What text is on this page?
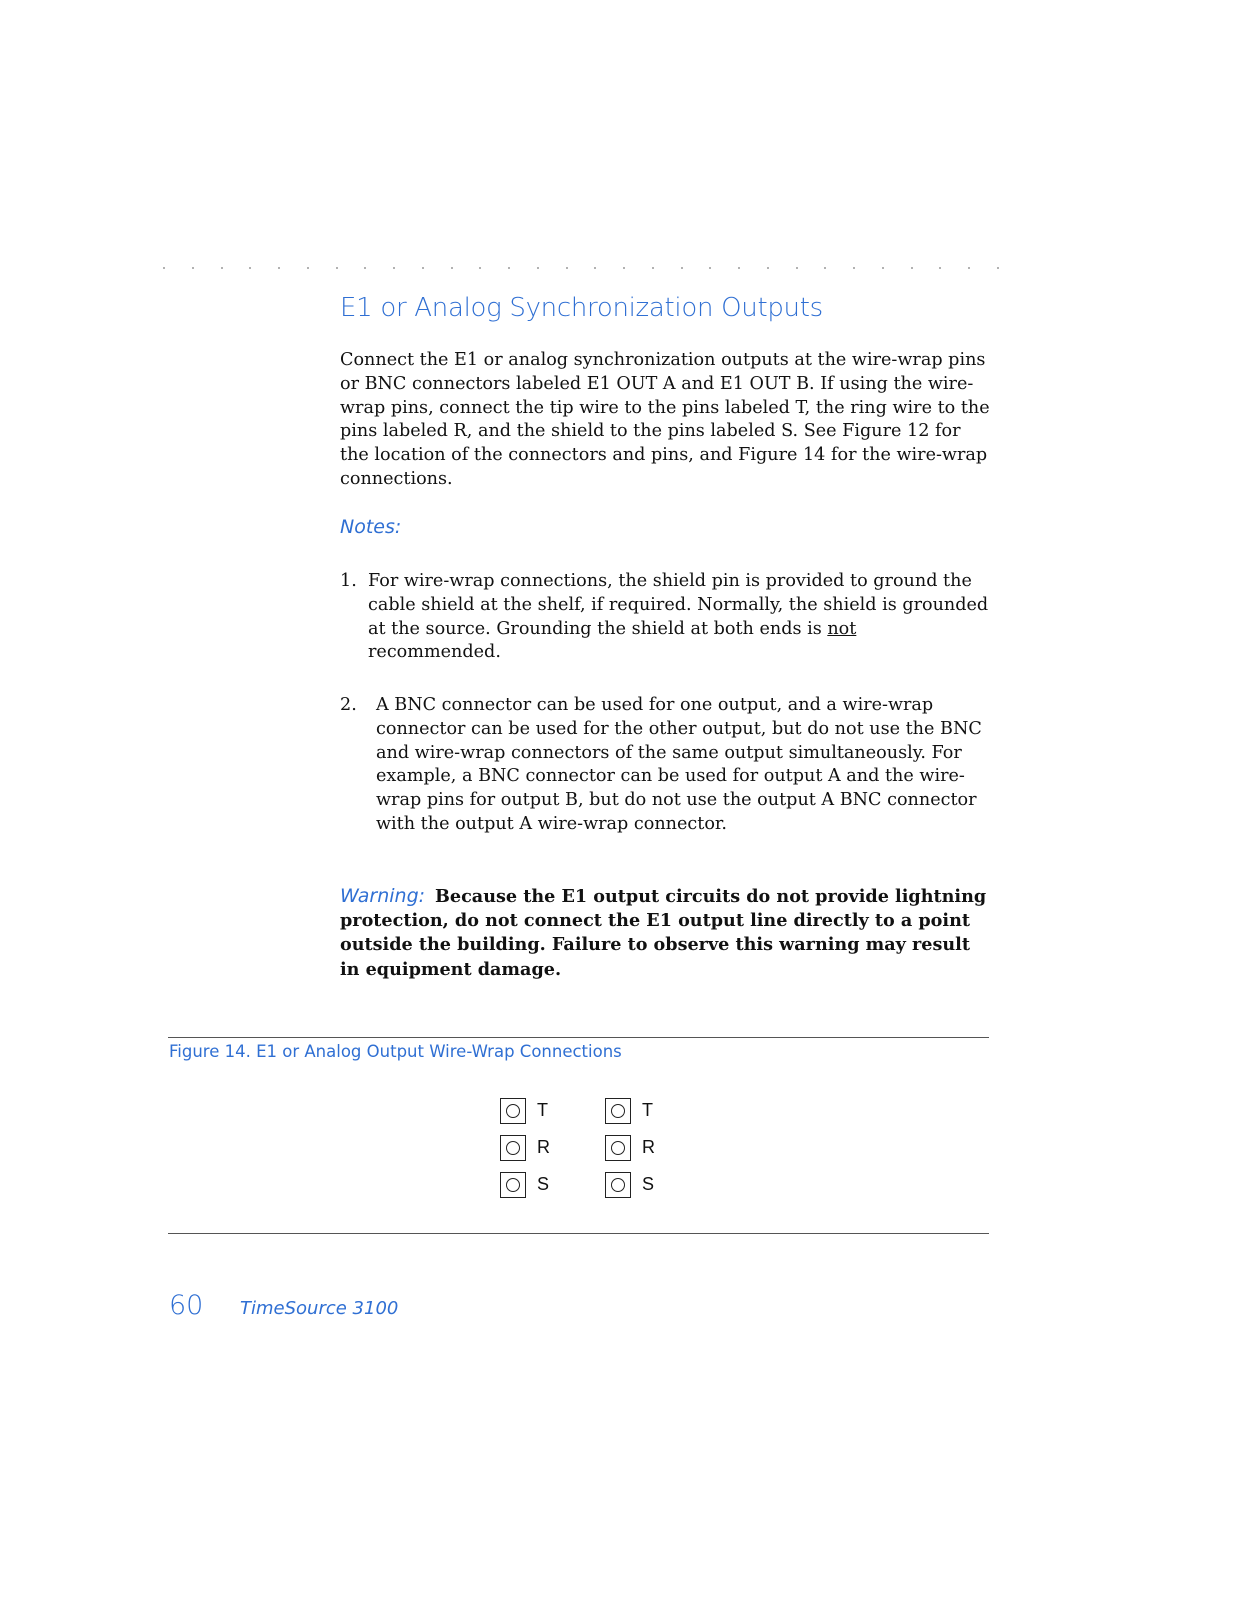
E1 or Analog Synchronization Outputs

Connect the E1 or analog synchronization outputs at the wire-wrap pins or BNC connectors labeled E1 OUT A and E1 OUT B. If using the wire-wrap pins, connect the tip wire to the pins labeled T, the ring wire to the pins labeled R, and the shield to the pins labeled S. See Figure 12 for the location of the connectors and pins, and Figure 14 for the wire-wrap connections.

Notes:
1. For wire-wrap connections, the shield pin is provided to ground the cable shield at the shelf, if required. Normally, the shield is grounded at the source. Grounding the shield at both ends is not recommended.
2.	A BNC connector can be used for one output, and a wire-wrap connector can be used for the other output, but do not use the BNC and wire-wrap connectors of the same output simultaneously. For example, a BNC connector can be used for output A and the wire-wrap pins for output B, but do not use the output A BNC connector with the output A wire-wrap connector.
Warning: Because the E1 output circuits do not provide lightning protection, do not connect the E1 output line directly to a point outside the building. Failure to observe this warning may result in equipment damage.
Figure 14. E1 or Analog Output Wire-Wrap Connections
T
R
S
T
R
S
60 TimeSource 3100
